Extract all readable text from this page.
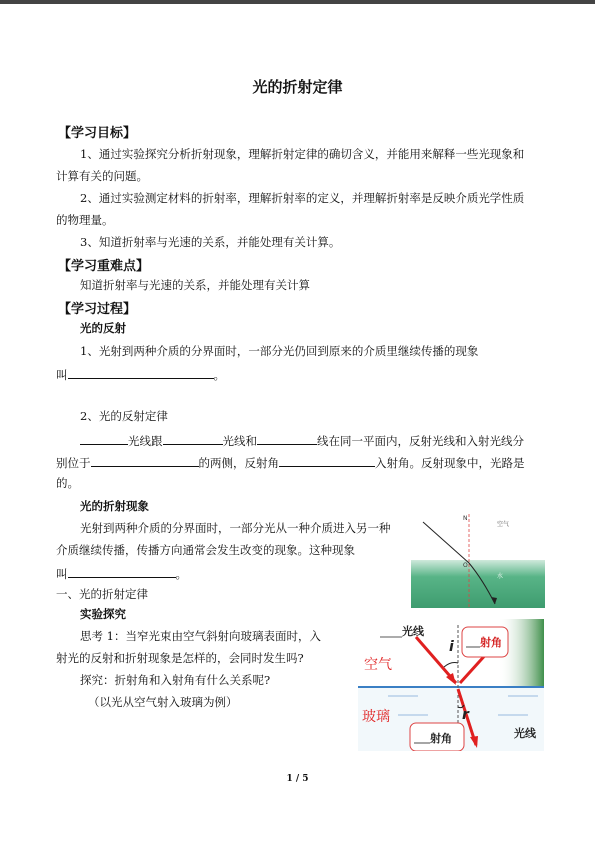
光的折射定律
【学习目标】
1、通过实验探究分析折射现象，理解折射定律的确切含义，并能用来解释一些光现象和
计算有关的问题。
2、通过实验测定材料的折射率，理解折射率的定义，并理解折射率是反映介质光学性质
的物理量。
3、知道折射率与光速的关系，并能处理有关计算。
【学习重难点】
知道折射率与光速的关系，并能处理有关计算
【学习过程】
光的反射
1、光射到两种介质的分界面时，一部分光仍回到原来的介质里继续传播的现象
叫	。
2、光的反射定律
光线跟	光线和	线在同一平面内，反射光线和入射光线分
别位于	的两侧，反射角	入射角。反射现象中，光路是
的。
光的折射现象
光射到两种介质的分界面时，一部分光从一种介质进入另一种
介质继续传播，传播方向通常会发生改变的现象。这种现象
叫	。
一、光的折射定律
实验探究
思考 1：当窄光束由空气斜射向玻璃表面时，入
射光的反射和折射现象是怎样的，会同时发生吗?
探究：折射角和入射角有什么关系呢?
（以光从空气射入玻璃为例）
N
O
空气
水
光线
i 射角
空气
玻璃	r
射角	光线
1 / 5
